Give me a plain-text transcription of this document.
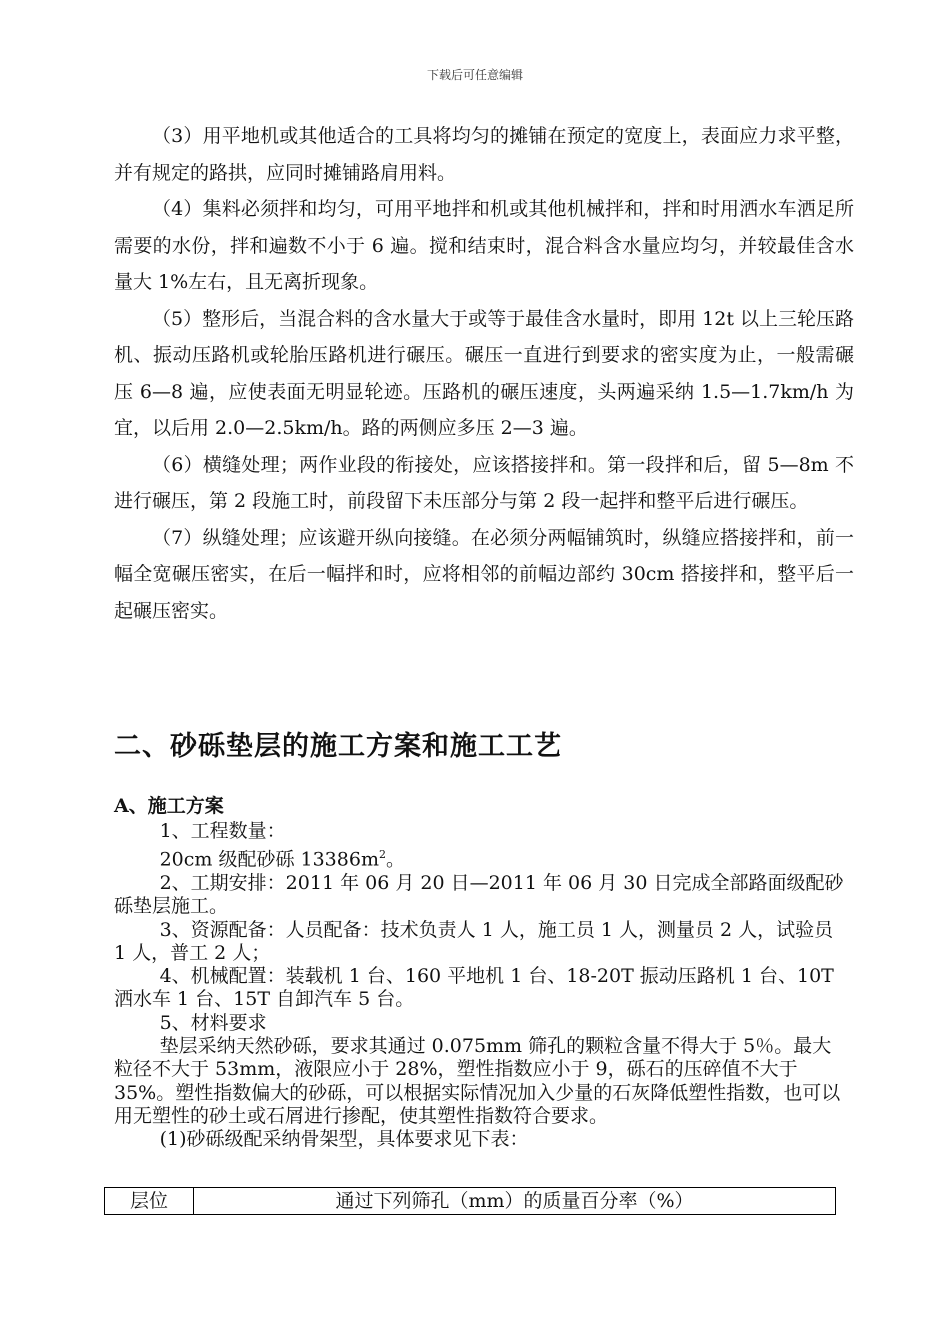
下载后可任意编辑

（3）用平地机或其他适合的工具将均匀的摊铺在预定的宽度上，表面应力求平整，并有规定的路拱，应同时摊铺路肩用料。

（4）集料必须拌和均匀，可用平地拌和机或其他机械拌和，拌和时用洒水车洒足所需要的水份，拌和遍数不小于 6 遍。搅和结束时，混合料含水量应均匀，并较最佳含水量大 1%左右，且无离折现象。

（5）整形后，当混合料的含水量大于或等于最佳含水量时，即用 12t 以上三轮压路机、振动压路机或轮胎压路机进行碾压。碾压一直进行到要求的密实度为止，一般需碾压 6—8 遍，应使表面无明显轮迹。压路机的碾压速度，头两遍采纳 1.5—1.7km/h 为宜，以后用 2.0—2.5km/h。路的两侧应多压 2—3 遍。

（6）横缝处理；两作业段的衔接处，应该搭接拌和。第一段拌和后，留 5—8m 不进行碾压，第 2 段施工时，前段留下未压部分与第 2 段一起拌和整平后进行碾压。

（7）纵缝处理；应该避开纵向接缝。在必须分两幅铺筑时，纵缝应搭接拌和，前一幅全宽碾压密实，在后一幅拌和时，应将相邻的前幅边部约 30cm 搭接拌和，整平后一起碾压密实。

二、砂砾垫层的施工方案和施工工艺
A、施工方案

1、工程数量：

20cm 级配砂砾 $13386m^2$。

2、工期安排：2011 年 06 月 20 日—2011 年 06 月 30 日完成全部路面级配砂砾垫层施工。

3、资源配备：人员配备：技术负责人 1 人，施工员 1 人，测量员 2 人，试验员 1 人，普工 2 人；

4、机械配置：装载机 1 台、160 平地机 1 台、18-20T 振动压路机 1 台、10T 洒水车 1 台、15T 自卸汽车 5 台。

5、材料要求

垫层采纳天然砂砾，要求其通过 0.075mm 筛孔的颗粒含量不得大于 5％。最大粒径不大于 53mm，液限应小于 28%，塑性指数应小于 9，砾石的压碎值不大于 35%。塑性指数偏大的砂砾，可以根据实际情况加入少量的石灰降低塑性指数，也可以用无塑性的砂土或石屑进行掺配，使其塑性指数符合要求。

(1)砂砾级配采纳骨架型，具体要求见下表：

层位	通过下列筛孔（mm）的质量百分率（%）
